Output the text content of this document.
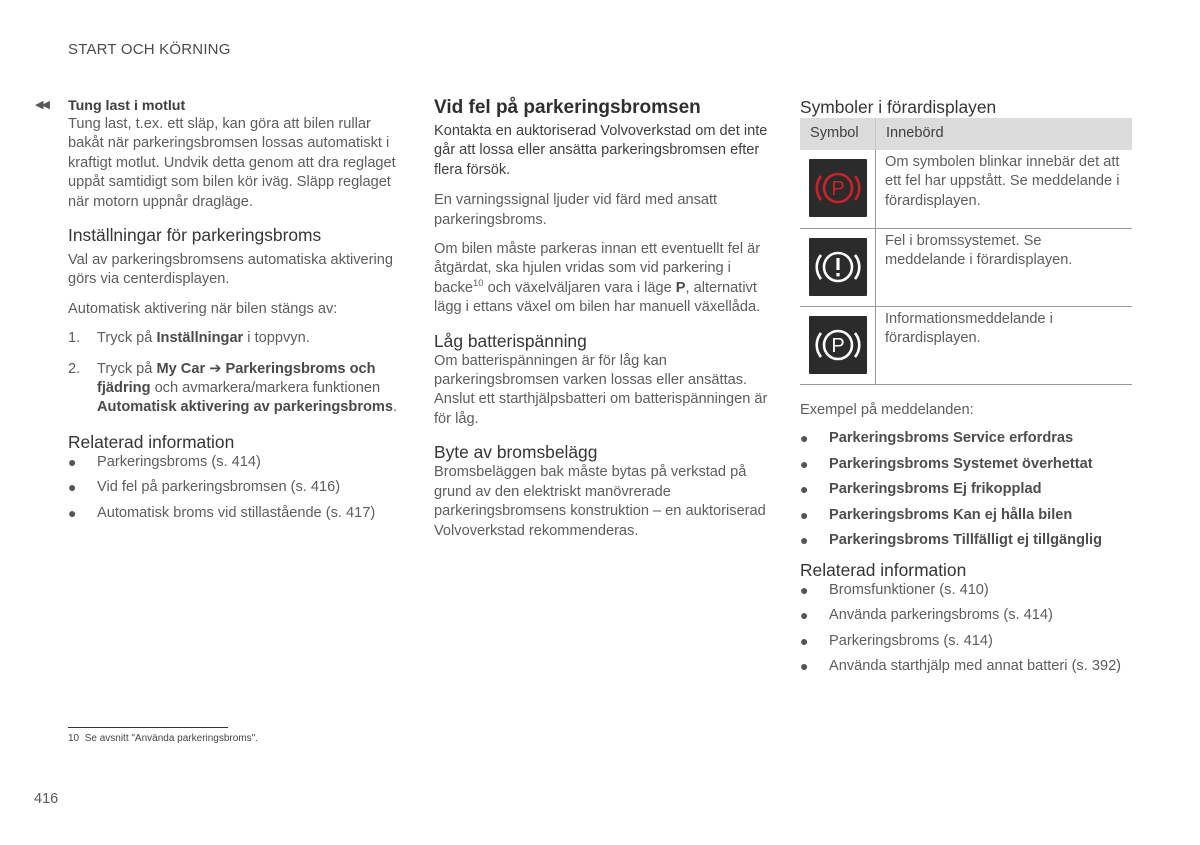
START OCH KÖRNING
◀◀ Tung last i motlut

Tung last, t.ex. ett släp, kan göra att bilen rullar bakåt när parkeringsbromsen lossas automatiskt i kraftigt motlut. Undvik detta genom att dra reglaget uppåt samtidigt som bilen kör iväg. Släpp reglaget när motorn uppnår dragläge.

Inställningar för parkeringsbroms

Val av parkeringsbromsens automatiska aktivering görs via centerdisplayen.

Automatisk aktivering när bilen stängs av:

1. Tryck på Inställningar i toppvyn.
2. Tryck på My Car ➔ Parkeringsbroms och fjädring och avmarkera/markera funktionen Automatisk aktivering av parkeringsbroms.

Relaterad information

● Parkeringsbroms (s. 414)
● Vid fel på parkeringsbromsen (s. 416)
● Automatisk broms vid stillastående (s. 417)

Vid fel på parkeringsbromsen

Kontakta en auktoriserad Volvoverkstad om det inte går att lossa eller ansätta parkeringsbromsen efter flera försök.

En varningssignal ljuder vid färd med ansatt parkeringsbroms.

Om bilen måste parkeras innan ett eventuellt fel är åtgärdat, ska hjulen vridas som vid parkering i backe$^{10}$ och växelväljaren vara i läge P, alternativt lägg i ettans växel om bilen har manuell växellåda.

Låg batterispänning

Om batterispänningen är för låg kan parkeringsbromsen varken lossas eller ansättas. Anslut ett starthjälpsbatteri om batterispänningen är för låg.

Byte av bromsbelägg

Bromsbeläggen bak måste bytas på verkstad på grund av den elektriskt manövrerade parkeringsbromsens konstruktion – en auktoriserad Volvoverkstad rekommenderas.

Symboler i förardisplayen

Symbol	Innebörd

P	Om symbolen blinkar innebär det att ett fel har uppstått. Se meddelande i förardisplayen.

	Fel i bromssystemet. Se meddelande i förardisplayen.

P	Informationsmeddelande i förardisplayen.

Exempel på meddelanden:

● Parkeringsbroms Service erfordras
● Parkeringsbroms Systemet överhettat
● Parkeringsbroms Ej frikopplad
● Parkeringsbroms Kan ej hålla bilen
● Parkeringsbroms Tillfälligt ej tillgänglig

Relaterad information

● Bromsfunktioner (s. 410)
● Använda parkeringsbroms (s. 414)
● Parkeringsbroms (s. 414)
● Använda starthjälp med annat batteri (s. 392)
10 Se avsnitt "Använda parkeringsbroms".
416
